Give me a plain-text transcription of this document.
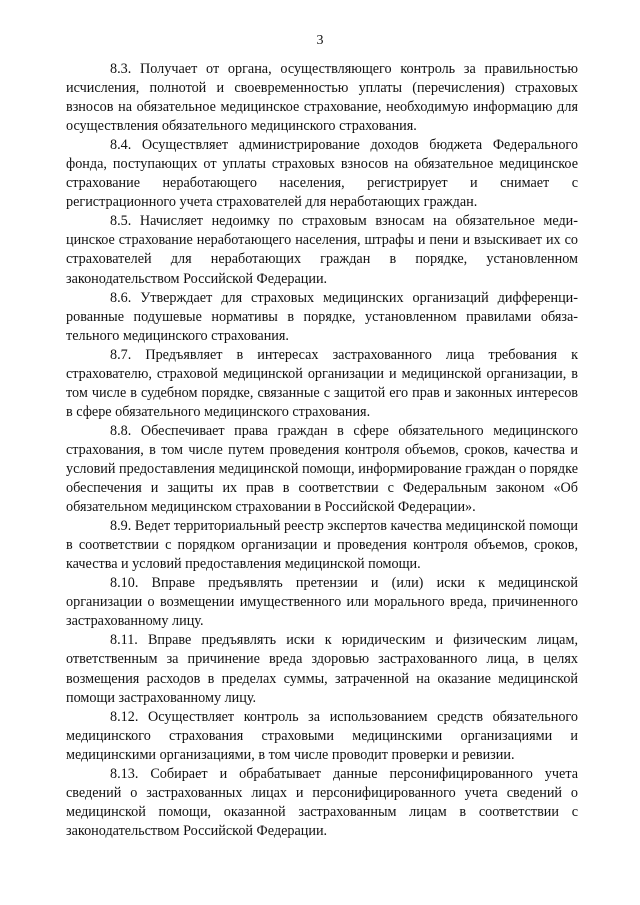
3

8.3. Получает от органа, осуществляющего контроль за правильностью исчисления, полнотой и своевременностью уплаты (перечисления) страховых взносов на обязательное медицинское страхование, необходимую информацию для осуществления обязательного медицинского страхования.

8.4. Осуществляет администрирование доходов бюджета Федерального фонда, поступающих от уплаты страховых взносов на обязательное медицинское страхование неработающего населения, регистрирует и снимает с регистрационного учета страхователей для неработающих граждан.

8.5. Начисляет недоимку по страховым взносам на обязательное медицинское страхование неработающего населения, штрафы и пени и взыскивает их со страхователей для неработающих граждан в порядке, установленном законодательством Российской Федерации.

8.6. Утверждает для страховых медицинских организаций дифференцированные подушевые нормативы в порядке, установленном правилами обязательного медицинского страхования.

8.7. Предъявляет в интересах застрахованного лица требования к страхователю, страховой медицинской организации и медицинской организации, в том числе в судебном порядке, связанные с защитой его прав и законных интересов в сфере обязательного медицинского страхования.

8.8. Обеспечивает права граждан в сфере обязательного медицинского страхования, в том числе путем проведения контроля объемов, сроков, качества и условий предоставления медицинской помощи, информирование граждан о порядке обеспечения и защиты их прав в соответствии с Федеральным законом «Об обязательном медицинском страховании в Российской Федерации».

8.9. Ведет территориальный реестр экспертов качества медицинской помощи в соответствии с порядком организации и проведения контроля объемов, сроков, качества и условий предоставления медицинской помощи.

8.10. Вправе предъявлять претензии и (или) иски к медицинской организации о возмещении имущественного или морального вреда, причиненного застрахованному лицу.

8.11. Вправе предъявлять иски к юридическим и физическим лицам, ответственным за причинение вреда здоровью застрахованного лица, в целях возмещения расходов в пределах суммы, затраченной на оказание медицинской помощи застрахованному лицу.

8.12. Осуществляет контроль за использованием средств обязательного медицинского страхования страховыми медицинскими организациями и медицинскими организациями, в том числе проводит проверки и ревизии.

8.13. Собирает и обрабатывает данные персонифицированного учета сведений о застрахованных лицах и персонифицированного учета сведений о медицинской помощи, оказанной застрахованным лицам в соответствии с законодательством Российской Федерации.
